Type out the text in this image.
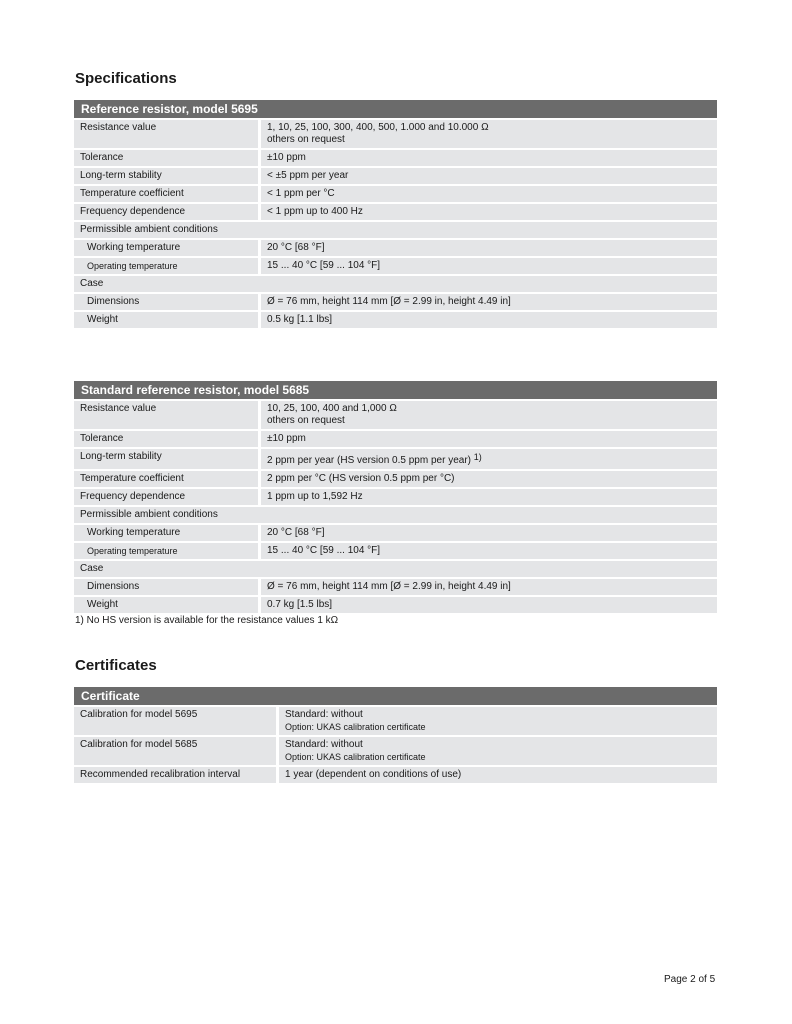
Specifications
Reference resistor, model 5695	
Resistance value	1, 10, 25, 100, 300, 400, 500, 1.000 and 10.000 Ω
others on request

Tolerance	±10 ppm
Long-term stability	< ±5 ppm per year
Temperature coefficient	< 1 ppm per °C
Frequency dependence	< 1 ppm up to 400 Hz
Permissible ambient conditions	
Working temperature	20 °C [68 °F]
Operating temperature	15 ... 40 °C [59 ... 104 °F]
Case	
Dimensions	Ø = 76 mm, height 114 mm [Ø = 2.99 in, height 4.49 in]
Weight	0.5 kg [1.1 lbs]
Standard reference resistor, model 5685	
Resistance value	10, 25, 100, 400 and 1,000 Ω
others on request

Tolerance	±10 ppm
Long-term stability	2 ppm per year (HS version 0.5 ppm per year) $^{1)}$
Temperature coefficient	2 ppm per °C (HS version 0.5 ppm per °C)
Frequency dependence	1 ppm up to 1,592 Hz
Permissible ambient conditions	
Working temperature	20 °C [68 °F]
Operating temperature	15 ... 40 °C [59 ... 104 °F]
Case	
Dimensions	Ø = 76 mm, height 114 mm [Ø = 2.99 in, height 4.49 in]
Weight	0.7 kg [1.5 lbs]
1) No HS version is available for the resistance values 1 kΩ
Certificates
Certificate	
Calibration for model 5695	Standard: without
Option: UKAS calibration certificate

Calibration for model 5685	Standard: without
Option: UKAS calibration certificate

Recommended recalibration interval	1 year (dependent on conditions of use)
Page 2 of 5
